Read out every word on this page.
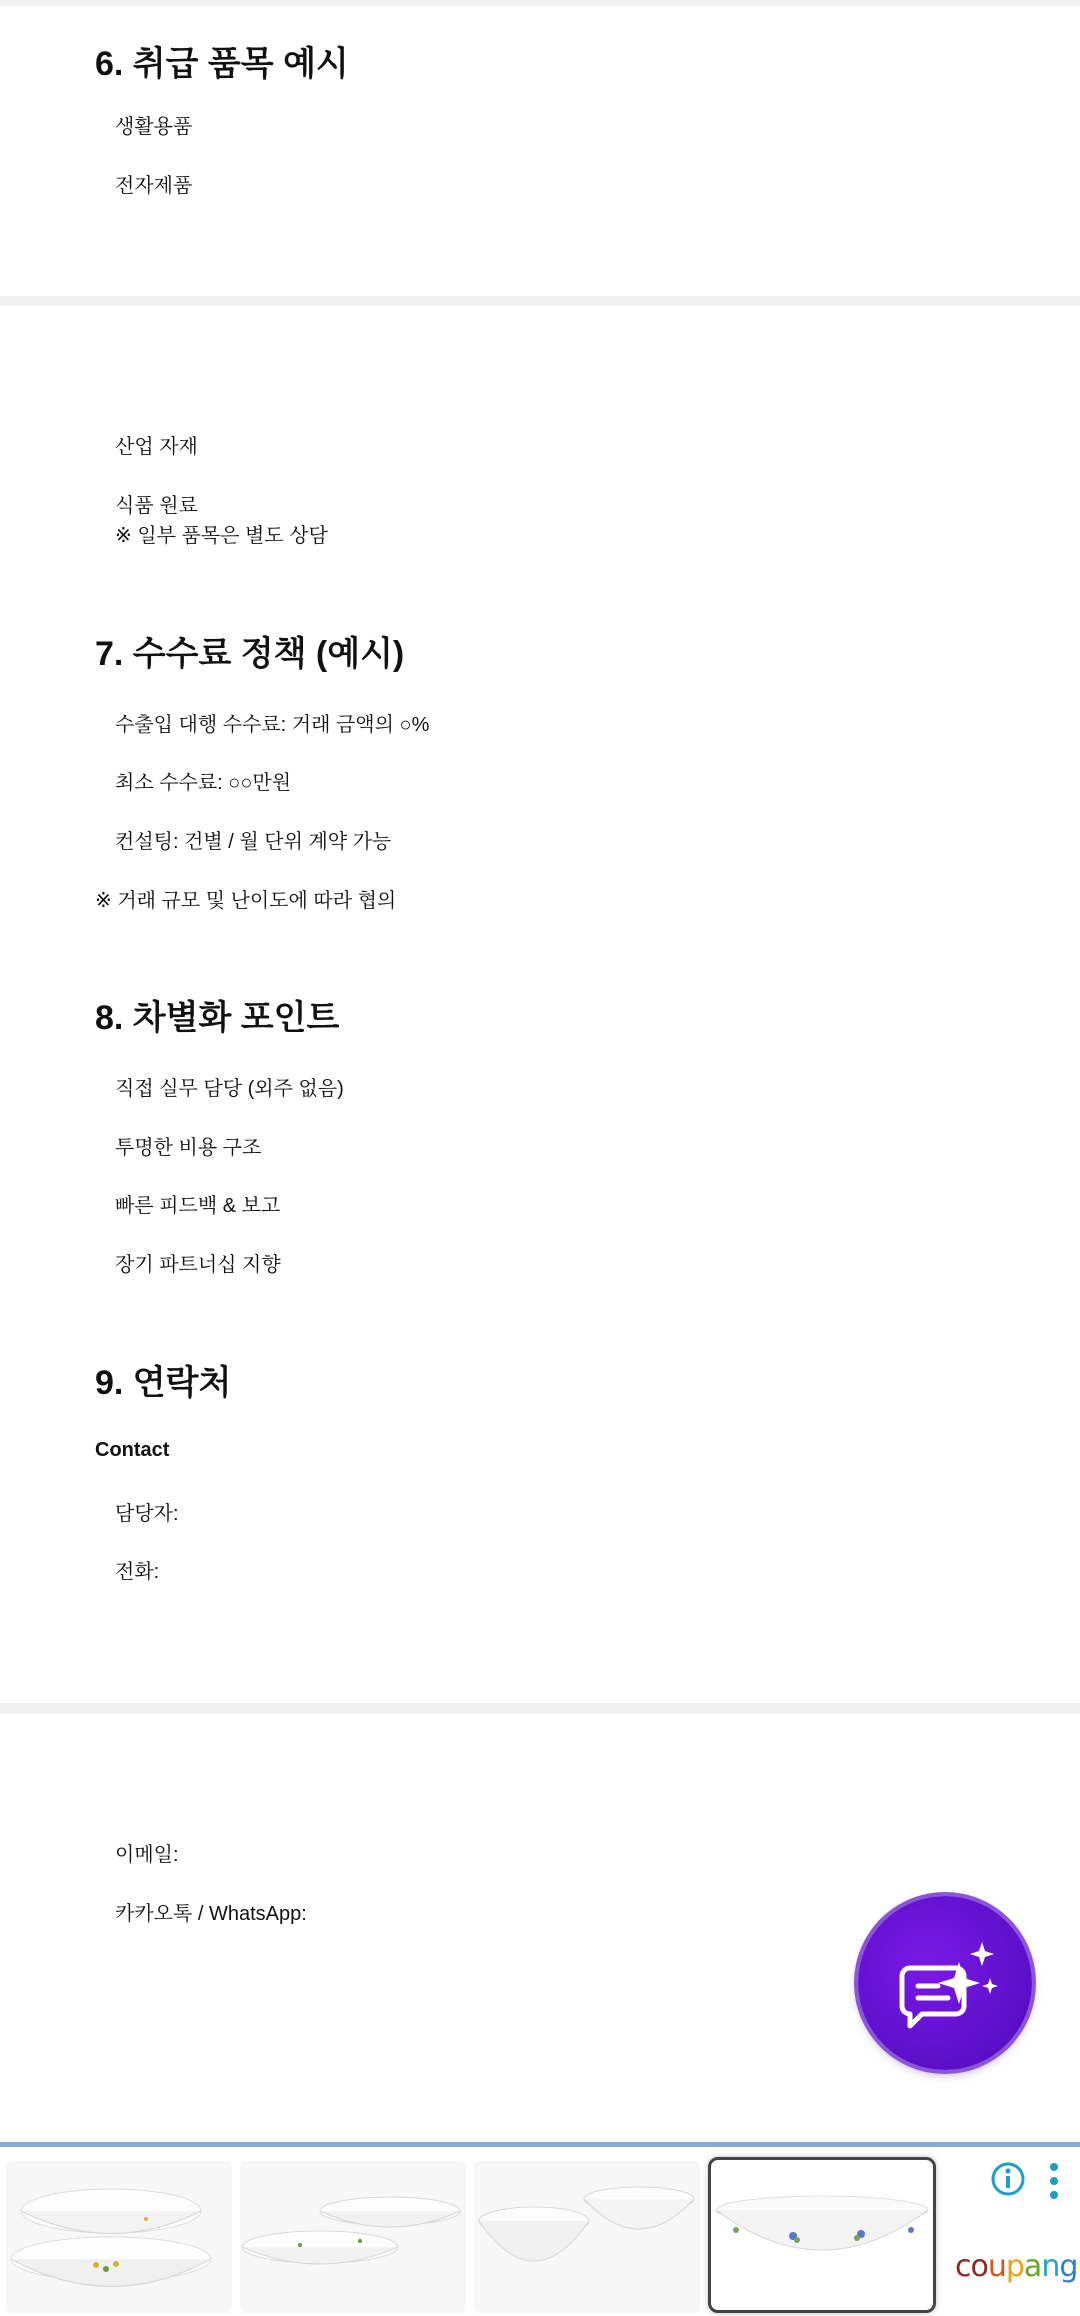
6. 취급 품목 예시
생활용품
전자제품
산업 자재
식품 원료
※ 일부 품목은 별도 상담
7. 수수료 정책 (예시)
수출입 대행 수수료: 거래 금액의 ○%
최소 수수료: ○○만원
컨설팅: 건별 / 월 단위 계약 가능
※ 거래 규모 및 난이도에 따라 협의
8. 차별화 포인트
직접 실무 담당 (외주 없음)
투명한 비용 구조
빠른 피드백 & 보고
장기 파트너십 지향
9. 연락처
Contact
담당자:
전화:
이메일:
카카오톡 / WhatsApp:
coupang
